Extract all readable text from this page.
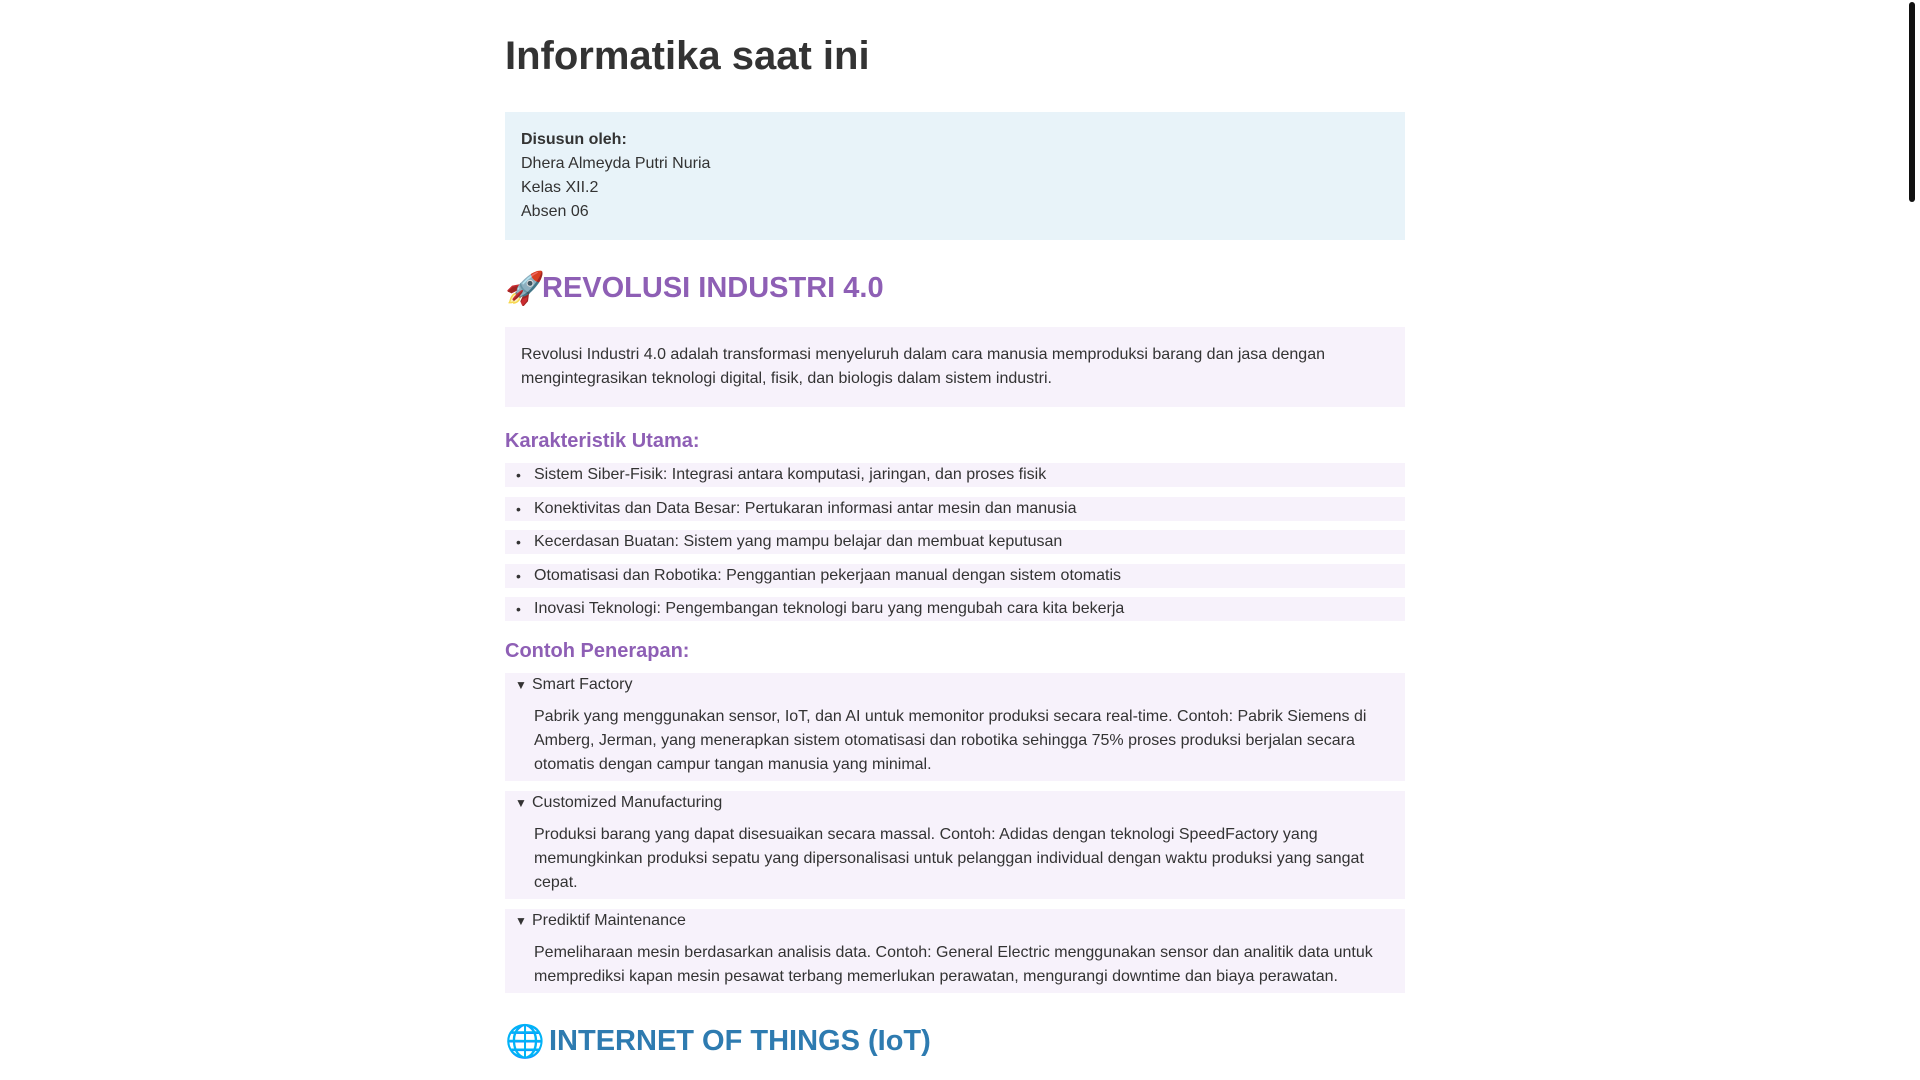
Informatika saat ini
Disusun oleh:
Dhera Almeyda Putri Nuria
Kelas XII.2
Absen 06
🚀
REVOLUSI INDUSTRI 4.0
Revolusi Industri 4.0 adalah transformasi menyeluruh dalam cara manusia memproduksi barang dan jasa dengan mengintegrasikan teknologi digital, fisik, dan biologis dalam sistem industri.
Karakteristik Utama:
• Sistem Siber-Fisik: Integrasi antara komputasi, jaringan, dan proses fisik
• Konektivitas dan Data Besar: Pertukaran informasi antar mesin dan manusia
• Kecerdasan Buatan: Sistem yang mampu belajar dan membuat keputusan
• Otomatisasi dan Robotika: Penggantian pekerjaan manual dengan sistem otomatis
• Inovasi Teknologi: Pengembangan teknologi baru yang mengubah cara kita bekerja
Contoh Penerapan:
▼ Smart Factory
Pabrik yang menggunakan sensor, IoT, dan AI untuk memonitor produksi secara real-time. Contoh: Pabrik Siemens di Amberg, Jerman, yang menerapkan sistem otomatisasi dan robotika sehingga 75% proses produksi berjalan secara otomatis dengan campur tangan manusia yang minimal.
▼ Customized Manufacturing
Produksi barang yang dapat disesuaikan secara massal. Contoh: Adidas dengan teknologi SpeedFactory yang memungkinkan produksi sepatu yang dipersonalisasi untuk pelanggan individual dengan waktu produksi yang sangat cepat.
▼ Prediktif Maintenance
Pemeliharaan mesin berdasarkan analisis data. Contoh: General Electric menggunakan sensor dan analitik data untuk memprediksi kapan mesin pesawat terbang memerlukan perawatan, mengurangi downtime dan biaya perawatan.
🌐 INTERNET OF THINGS (IoT)
